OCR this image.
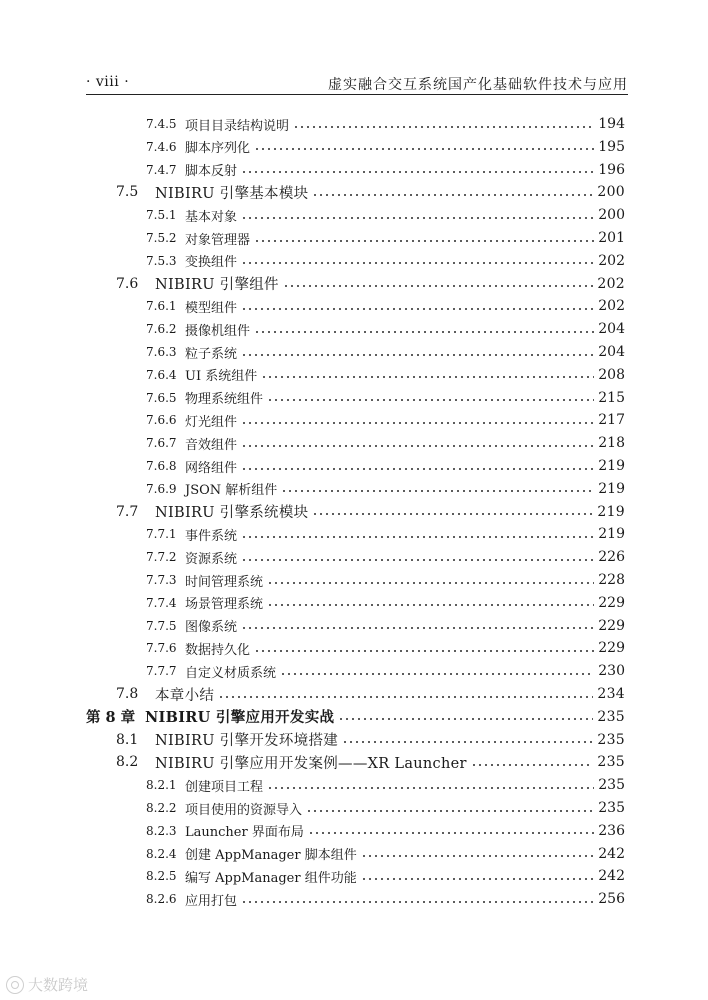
· viii ·	虚实融合交互系统国产化基础软件技术与应用
7.4.5 项目目录结构说明	194
7.4.6 脚本序列化	195
7.4.7 脚本反射	196
7.5 NIBIRU 引擎基本模块	200
7.5.1 基本对象	200
7.5.2 对象管理器	201
7.5.3 变换组件	202
7.6 NIBIRU 引擎组件	202
7.6.1 模型组件	202
7.6.2 摄像机组件	204
7.6.3 粒子系统	204
7.6.4 UI 系统组件	208
7.6.5 物理系统组件	215
7.6.6 灯光组件	217
7.6.7 音效组件	218
7.6.8 网络组件	219
7.6.9 JSON 解析组件	219
7.7 NIBIRU 引擎系统模块	219
7.7.1 事件系统	219
7.7.2 资源系统	226
7.7.3 时间管理系统	228
7.7.4 场景管理系统	229
7.7.5 图像系统	229
7.7.6 数据持久化	229
7.7.7 自定义材质系统	230
7.8 本章小结	234
第 8 章 NIBIRU 引擎应用开发实战	235
8.1 NIBIRU 引擎开发环境搭建	235
8.2 NIBIRU 引擎应用开发案例——XR Launcher	235
8.2.1 创建项目工程	235
8.2.2 项目使用的资源导入	235
8.2.3 Launcher 界面布局	236
8.2.4 创建 AppManager 脚本组件	242
8.2.5 编写 AppManager 组件功能	242
8.2.6 应用打包	256
大数跨境
